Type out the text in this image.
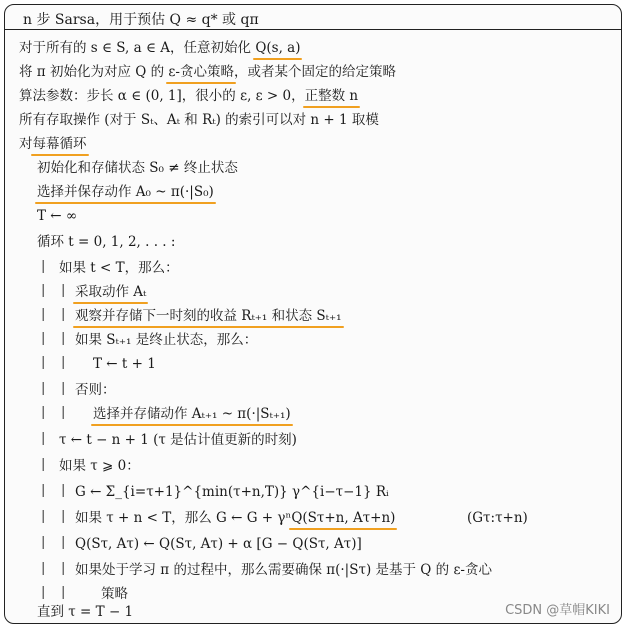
n 步 Sarsa，用于预估 Q ≈ q* 或 qπ
对于所有的 s ∈ S, a ∈ A，任意初始化 Q(s, a)
将 π 初始化为对应 Q 的 ε-贪心策略，或者某个固定的给定策略
算法参数：步长 α ∈ (0, 1]，很小的 ε, ε > 0，正整数 n
所有存取操作 (对于 Sₜ、Aₜ 和 Rₜ) 的索引可以对 n + 1 取模
对每幕循环
初始化和存储状态 S₀ ≠ 终止状态
选择并保存动作 A₀ ~ π(·|S₀)
T ← ∞
循环 t = 0, 1, 2, . . . :
|
|
|
|
|
|
|
|
|
|
|
|
|
|
如果 t < T，那么：
|
|
|
|
|
|
采取动作 Aₜ
观察并存储下一时刻的收益 Rₜ₊₁ 和状态 Sₜ₊₁
如果 Sₜ₊₁ 是终止状态，那么：
T ← t + 1
否则：
选择并存储动作 Aₜ₊₁ ~ π(·|Sₜ₊₁)
τ ← t − n + 1 (τ 是估计值更新的时刻)
如果 τ ⩾ 0：
|
|
|
|
|
G ← Σ_{i=τ+1}^{min(τ+n,T)} γ^{i−τ−1} Rᵢ
如果 τ + n < T，那么 G ← G + γⁿQ(Sτ+n, Aτ+n)	(Gτ:τ+n)
Q(Sτ, Aτ) ← Q(Sτ, Aτ) + α [G − Q(Sτ, Aτ)]
如果处于学习 π 的过程中，那么需要确保 π(·|Sτ) 是基于 Q 的 ε-贪心
策略
直到 τ = T − 1	CSDN @草帽KIKI
